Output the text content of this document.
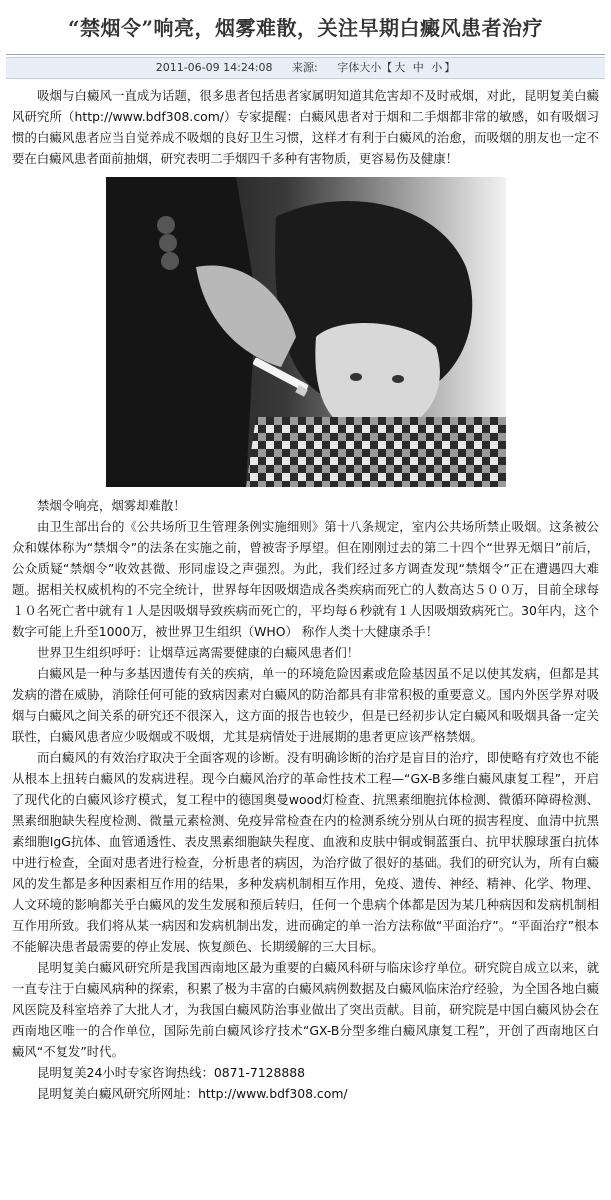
“禁烟令”响亮，烟雾难散，关注早期白癜风患者治疗
2011-06-09 14:24:08 来源: 字体大小【 大 中 小 】

吸烟与白癜风一直成为话题，很多患者包括患者家属明知道其危害却不及时戒烟，对此，昆明复美白癜风研究所（http://www.bdf308.com/）专家提醒：白癜风患者对于烟和二手烟都非常的敏感，如有吸烟习惯的白癜风患者应当自觉养成不吸烟的良好卫生习惯，这样才有利于白癜风的治愈，而吸烟的朋友也一定不要在白癜风患者面前抽烟，研究表明二手烟四千多种有害物质，更容易伤及健康！

禁烟令响亮，烟雾却难散！

由卫生部出台的《公共场所卫生管理条例实施细则》第十八条规定，室内公共场所禁止吸烟。这条被公众和媒体称为“禁烟令”的法条在实施之前，曾被寄予厚望。但在刚刚过去的第二十四个“世界无烟日”前后，公众质疑“禁烟令”收效甚微、形同虚设之声强烈。为此，我们经过多方调查发现“禁烟令”正在遭遇四大难题。据相关权威机构的不完全统计，世界每年因吸烟造成各类疾病而死亡的人数高达５００万，目前全球每１０名死亡者中就有１人是因吸烟导致疾病而死亡的，平均每６秒就有１人因吸烟致病死亡。30年内，这个数字可能上升至1000万，被世界卫生组织（WHO） 称作人类十大健康杀手！

世界卫生组织呼吁：让烟草远离需要健康的白癜风患者们！

白癜风是一种与多基因遗传有关的疾病，单一的环境危险因素或危险基因虽不足以使其发病，但都是其发病的潜在威胁，消除任何可能的致病因素对白癜风的防治都具有非常积极的重要意义。国内外医学界对吸烟与白癜风之间关系的研究还不很深入，这方面的报告也较少，但是已经初步认定白癜风和吸烟具备一定关联性，白癜风患者应少吸烟或不吸烟，尤其是病情处于进展期的患者更应该严格禁烟。

而白癜风的有效治疗取决于全面客观的诊断。没有明确诊断的治疗是盲目的治疗，即使略有疗效也不能从根本上扭转白癜风的发病进程。现今白癜风治疗的革命性技术工程—“GX-B多维白癜风康复工程”，开启了现代化的白癜风诊疗模式，复工程中的德国奥曼wood灯检查、抗黑素细胞抗体检测、微循环障碍检测、黑素细胞缺失程度检测、微量元素检测、免疫异常检查在内的检测系统分别从白斑的损害程度、血清中抗黑素细胞IgG抗体、血管通透性、表皮黑素细胞缺失程度、血液和皮肤中铜或铜蓝蛋白、抗甲状腺球蛋白抗体中进行检查，全面对患者进行检查，分析患者的病因，为治疗做了很好的基础。我们的研究认为，所有白癜风的发生都是多种因素相互作用的结果，多种发病机制相互作用，免疫、遗传、神经、精神、化学、物理、人文环境的影响都关乎白癜风的发生发展和预后转归，任何一个患病个体都是因为某几种病因和发病机制相互作用所致。我们将从某一病因和发病机制出发，进而确定的单一治方法称做“平面治疗”。“平面治疗”根本不能解决患者最需要的停止发展、恢复颜色、长期缓解的三大目标。

昆明复美白癜风研究所是我国西南地区最为重要的白癜风科研与临床诊疗单位。研究院自成立以来，就一直专注于白癜风病种的探索，积累了极为丰富的白癜风病例数据及白癜风临床治疗经验，为全国各地白癜风医院及科室培养了大批人才，为我国白癜风防治事业做出了突出贡献。目前，研究院是中国白癜风协会在西南地区唯一的合作单位，国际先前白癜风诊疗技术“GX-B分型多维白癜风康复工程”，开创了西南地区白癜风“不复发”时代。

昆明复美24小时专家咨询热线：0871-7128888

昆明复美白癜风研究所网址：http://www.bdf308.com/
